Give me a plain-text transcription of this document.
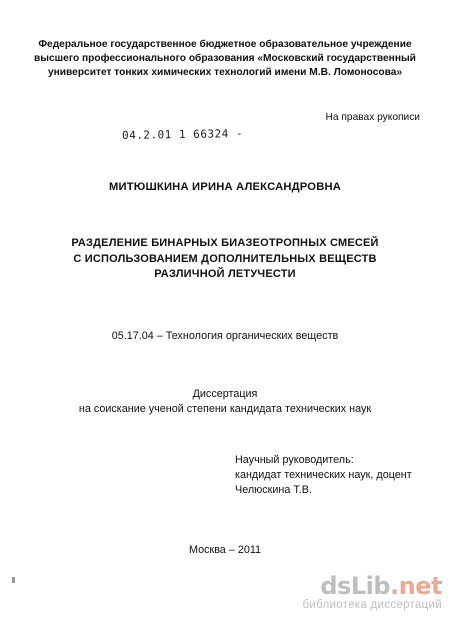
Федеральное государственное бюджетное образовательное учреждение
высшего профессионального образования «Московский государственный
университет тонких химических технологий имени М.В. Ломоносова»
На правах рукописи
04.2.01 1 66324 -
МИТЮШКИНА ИРИНА АЛЕКСАНДРОВНА
РАЗДЕЛЕНИЕ БИНАРНЫХ БИАЗЕОТРОПНЫХ СМЕСЕЙ
С ИСПОЛЬЗОВАНИЕМ ДОПОЛНИТЕЛЬНЫХ ВЕЩЕСТВ
РАЗЛИЧНОЙ ЛЕТУЧЕСТИ
05.17.04 – Технология органических веществ
Диссертация
на соискание ученой степени кандидата технических наук
Научный руководитель:
кандидат технических наук, доцент
Челюскина Т.В.
Москва – 2011
dsLib.net
библиотека диссертаций
